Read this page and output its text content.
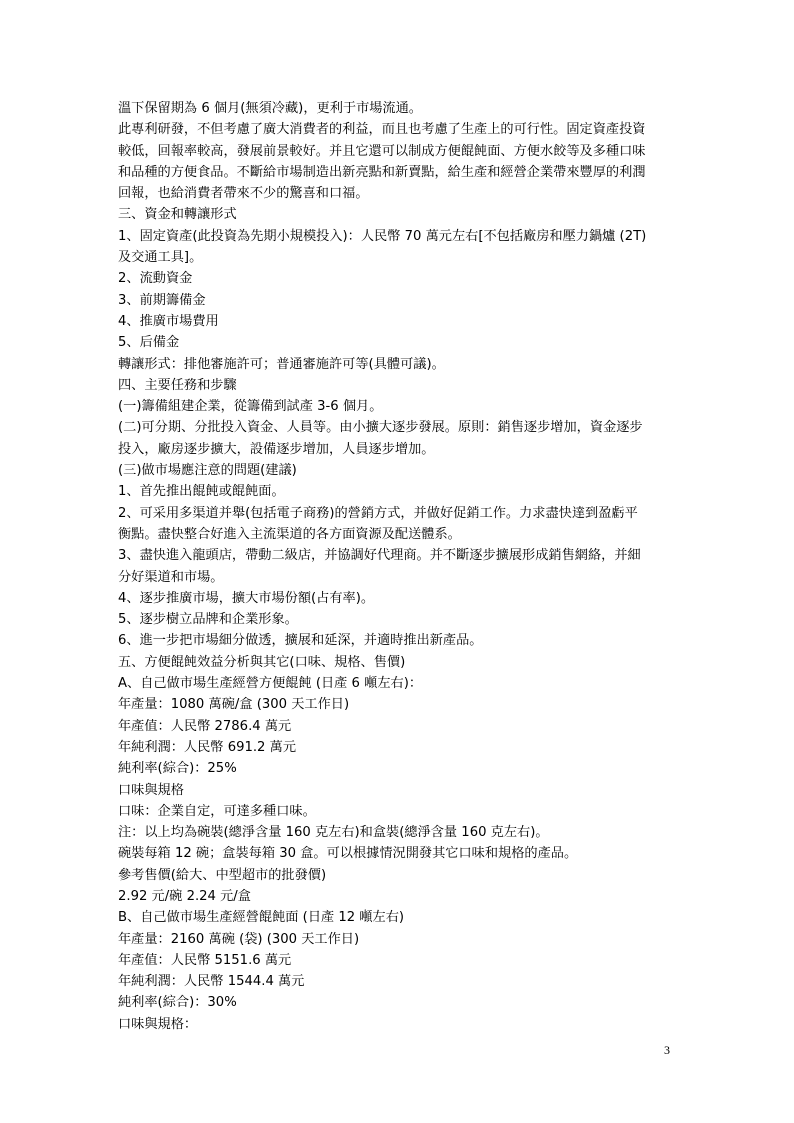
溫下保留期為 6 個月(無須冷藏)，更利于市場流通。
此專利研發，不但考慮了廣大消費者的利益，而且也考慮了生產上的可行性。固定資產投資
較低，回報率較高，發展前景較好。并且它還可以制成方便餛飩面、方便水餃等及多種口味
和品種的方便食品。不斷給市場制造出新亮點和新賣點，給生產和經營企業帶來豐厚的利潤
回報，也給消費者帶來不少的驚喜和口福。
三、資金和轉讓形式
1、固定資產(此投資為先期小規模投入)：人民幣 70 萬元左右[不包括廠房和壓力鍋爐 (2T)
及交通工具]。
2、流動資金
3、前期籌備金
4、推廣市場費用
5、后備金
轉讓形式：排他審施許可；普通審施許可等(具體可議)。
四、主要任務和步驟
(一)籌備組建企業，從籌備到試產 3-6 個月。
(二)可分期、分批投入資金、人員等。由小擴大逐步發展。原則：銷售逐步增加，資金逐步
投入，廠房逐步擴大，設備逐步增加，人員逐步增加。
(三)做市場應注意的問題(建議)
1、首先推出餛飩或餛飩面。
2、可采用多渠道并舉(包括電子商務)的營銷方式，并做好促銷工作。力求盡快達到盈虧平
衡點。盡快整合好進入主流渠道的各方面資源及配送體系。
3、盡快進入龍頭店，帶動二級店，并協調好代理商。并不斷逐步擴展形成銷售網絡，并細
分好渠道和市場。
4、逐步推廣市場，擴大市場份額(占有率)。
5、逐步樹立品牌和企業形象。
6、進一步把市場細分做透，擴展和延深，并適時推出新產品。
五、方便餛飩效益分析與其它(口味、規格、售價)
A、自己做市場生產經營方便餛飩 (日產 6 噸左右)：
年產量：1080 萬碗/盒 (300 天工作日)
年產值：人民幣 2786.4 萬元
年純利潤：人民幣 691.2 萬元
純利率(綜合)：25%
口味與規格
口味：企業自定，可達多種口味。
注：以上均為碗裝(總淨含量 160 克左右)和盒裝(總淨含量 160 克左右)。
碗裝每箱 12 碗；盒裝每箱 30 盒。可以根據情況開發其它口味和規格的產品。
參考售價(給大、中型超市的批發價)
2.92 元/碗 2.24 元/盒
B、自己做市場生產經營餛飩面 (日產 12 噸左右)
年產量：2160 萬碗 (袋) (300 天工作日)
年產值：人民幣 5151.6 萬元
年純利潤：人民幣 1544.4 萬元
純利率(綜合)：30%
口味與規格：
3
